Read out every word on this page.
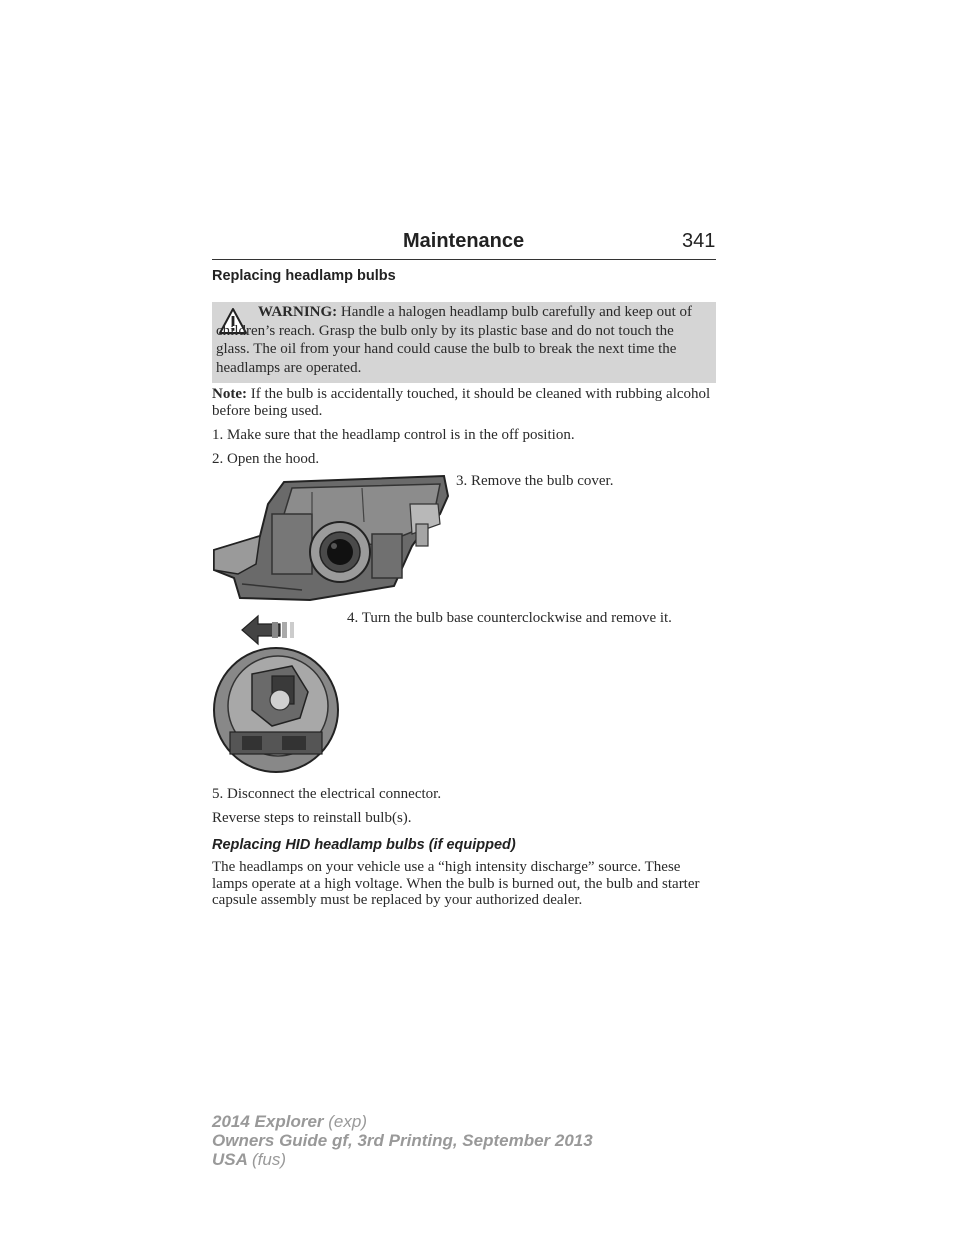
Maintenance	341
Replacing headlamp bulbs
WARNING: Handle a halogen headlamp bulb carefully and keep out of children’s reach. Grasp the bulb only by its plastic base and do not touch the glass. The oil from your hand could cause the bulb to break the next time the headlamps are operated.
Note: If the bulb is accidentally touched, it should be cleaned with rubbing alcohol before being used.
1. Make sure that the headlamp control is in the off position.
2. Open the hood.
3. Remove the bulb cover.
4. Turn the bulb base counterclockwise and remove it.
5. Disconnect the electrical connector.
Reverse steps to reinstall bulb(s).
Replacing HID headlamp bulbs (if equipped)
The headlamps on your vehicle use a “high intensity discharge” source. These lamps operate at a high voltage. When the bulb is burned out, the bulb and starter capsule assembly must be replaced by your authorized dealer.
2014 Explorer (exp)
Owners Guide gf, 3rd Printing, September 2013
USA (fus)
